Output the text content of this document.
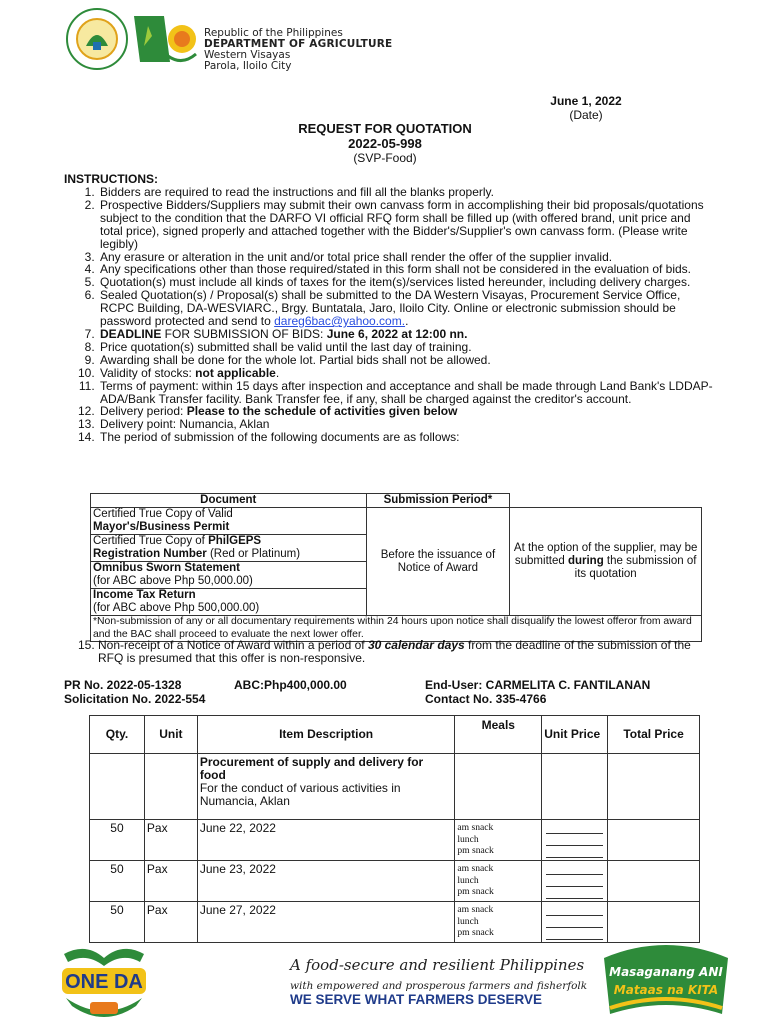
Republic of the Philippines
DEPARTMENT OF AGRICULTURE
Western Visayas
Parola, Iloilo City
June 1, 2022
(Date)
REQUEST FOR QUOTATION
2022-05-998
(SVP-Food)
INSTRUCTIONS:
1. Bidders are required to read the instructions and fill all the blanks properly.
2. Prospective Bidders/Suppliers may submit their own canvass form in accomplishing their bid proposals/quotations subject to the condition that the DARFO VI official RFQ form shall be filled up (with offered brand, unit price and total price), signed properly and attached together with the Bidder's/Supplier's own canvass form. (Please write legibly)
3. Any erasure or alteration in the unit and/or total price shall render the offer of the supplier invalid.
4. Any specifications other than those required/stated in this form shall not be considered in the evaluation of bids.
5. Quotation(s) must include all kinds of taxes for the item(s)/services listed hereunder, including delivery charges.
6. Sealed Quotation(s) / Proposal(s) shall be submitted to the DA Western Visayas, Procurement Service Office, RCPC Building, DA-WESVIARC., Brgy. Buntatala, Jaro, Iloilo City. Online or electronic submission should be password protected and send to dareg6bac@yahoo.com..
7. DEADLINE FOR SUBMISSION OF BIDS: June 6, 2022 at 12:00 nn.
8. Price quotation(s) submitted shall be valid until the last day of training.
9. Awarding shall be done for the whole lot. Partial bids shall not be allowed.
10. Validity of stocks: not applicable.
11. Terms of payment: within 15 days after inspection and acceptance and shall be made through Land Bank's LDDAP-ADA/Bank Transfer facility. Bank Transfer fee, if any, shall be charged against the creditor's account.
12. Delivery period: Please to the schedule of activities given below
13. Delivery point: Numancia, Aklan
14. The period of submission of the following documents are as follows:
Document	Submission Period*	

Certified True Copy of Valid
Mayor's/Business Permit	Before the issuance of Notice of Award	At the option of the supplier, may be submitted during the submission of its quotation

Certified True Copy of PhilGEPS
Registration Number (Red or Platinum)		

Omnibus Sworn Statement
(for ABC above Php 50,000.00)		

Income Tax Return
(for ABC above Php 500,000.00)		

*Non-submission of any or all documentary requirements within 24 hours upon notice shall disqualify the lowest offeror from award and the BAC shall proceed to evaluate the next lower offer.		
15. Non-receipt of a Notice of Award within a period of 30 calendar days from the deadline of the submission of the RFQ is presumed that this offer is non-responsive.
PR No. 2022-05-1328	ABC:Php400,000.00
Solicitation No. 2022-554
End-User: CARMELITA C. FANTILANAN
Contact No. 335-4766
Qty.	Unit	Item Description	Meals	Unit Price	Total Price

		Procurement of supply and delivery for food
For the conduct of various activities in Numancia, Aklan			

50	Pax	June 22, 2022	am snack
lunch
pm snack		

50	Pax	June 23, 2022	am snack
lunch
pm snack		

50	Pax	June 27, 2022	am snack
lunch
pm snack		

ONE DA
A food-secure and resilient Philippines
with empowered and prosperous farmers and fisherfolk
WE SERVE WHAT FARMERS DESERVE
Masaganang ANI
Mataas na KITA
